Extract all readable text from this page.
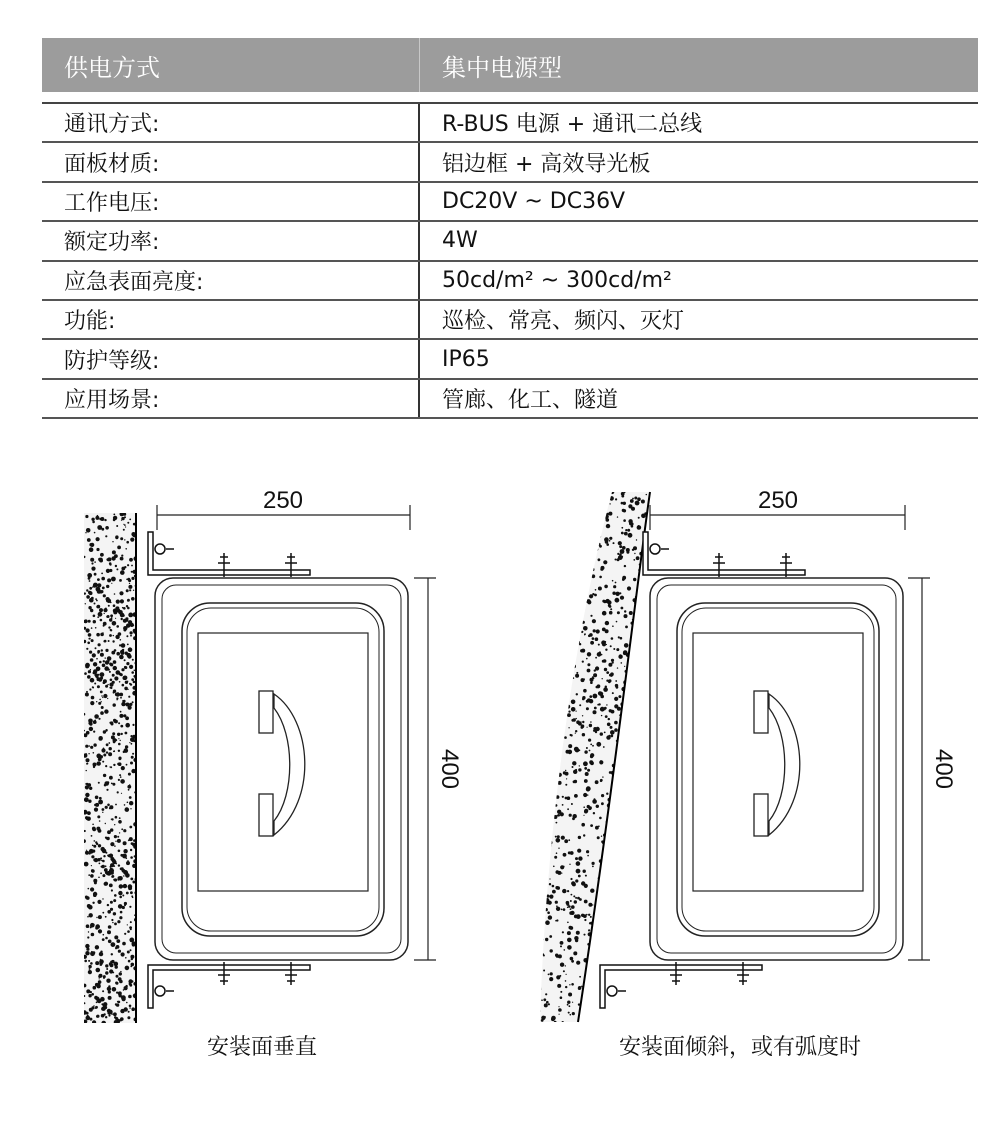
供电方式	集中电源型
通讯方式:	R-BUS 电源 + 通讯二总线
面板材质:	铝边框 + 高效导光板
工作电压:	DC20V ~ DC36V
额定功率:	4W
应急表面亮度:	50cd/m² ~ 300cd/m²
功能:	巡检、常亮、频闪、灭灯
防护等级:	IP65
应用场景:	管廊、化工、隧道
250
400
安装面垂直
250
400
安装面倾斜，或有弧度时
